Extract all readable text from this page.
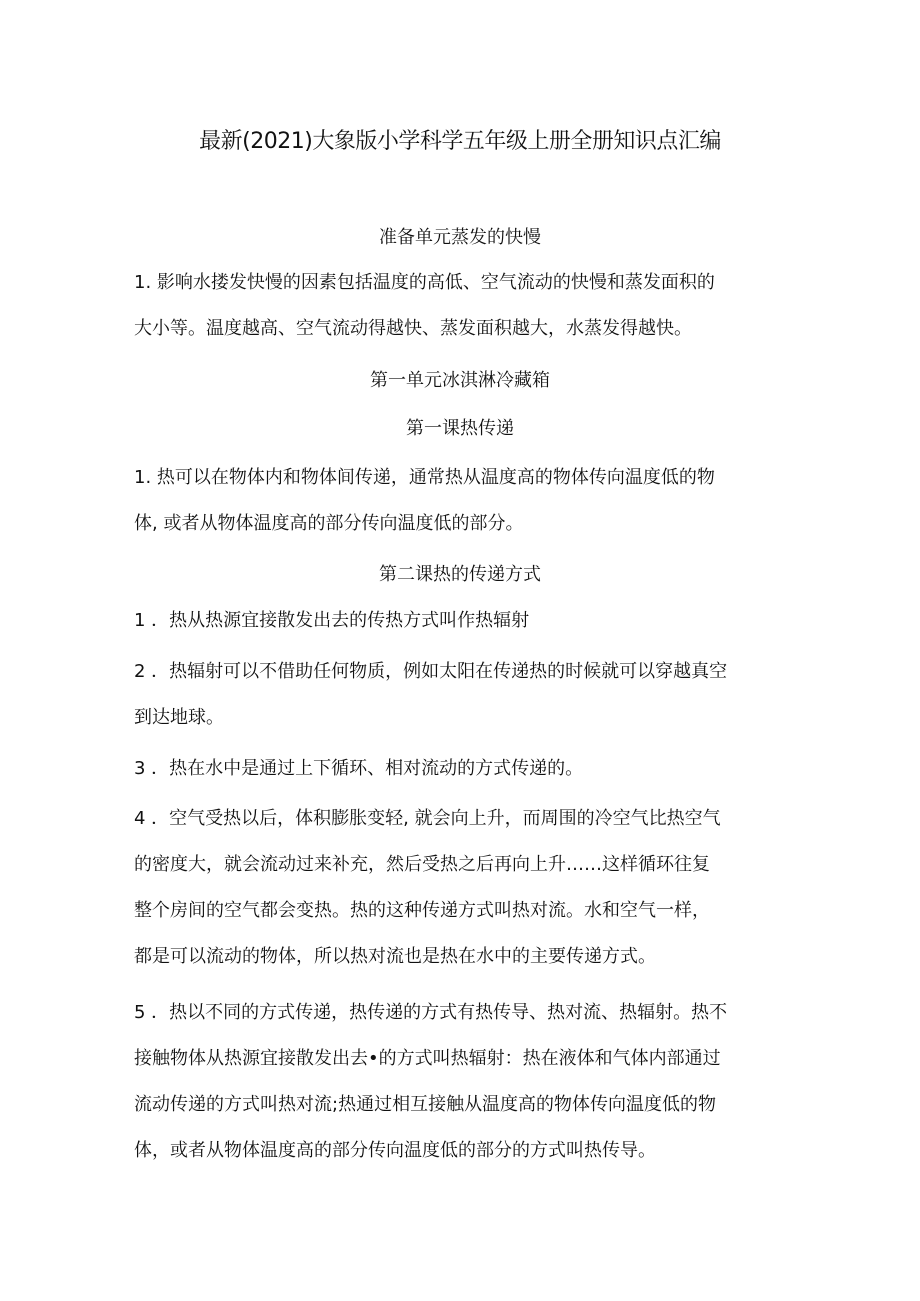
最新(2021)大象版小学科学五年级上册全册知识点汇编
准备单元蒸发的快慢
1. 影响水搂发快慢的因素包括温度的高低、空气流动的快慢和蒸发面积的
大小等。温度越高、空气流动得越快、蒸发面积越大，水蒸发得越快。
第一单元冰淇淋冷藏箱
第一课热传递
1. 热可以在物体内和物体间传递，通常热从温度高的物体传向温度低的物
体, 或者从物体温度高的部分传向温度低的部分。
第二课热的传递方式
1 ．热从热源宜接散发出去的传热方式叫作热辐射
2 ．热辐射可以不借助任何物质，例如太阳在传递热的时候就可以穿越真空
到达地球。
3 ．热在水中是通过上下循环、相对流动的方式传递的。
4 ．空气受热以后，体积膨胀变轻, 就会向上升，而周围的冷空气比热空气
的密度大，就会流动过来补充，然后受热之后再向上升……这样循环往复
整个房间的空气都会变热。热的这种传递方式叫热对流。水和空气一样，
都是可以流动的物体，所以热对流也是热在水中的主要传递方式。
5 ．热以不同的方式传递，热传递的方式有热传导、热对流、热辐射。热不
接触物体从热源宜接散发出去•的方式叫热辐射：热在液体和气体内部通过
流动传递的方式叫热对流;热通过相互接触从温度高的物体传向温度低的物
体，或者从物体温度高的部分传向温度低的部分的方式叫热传导。
